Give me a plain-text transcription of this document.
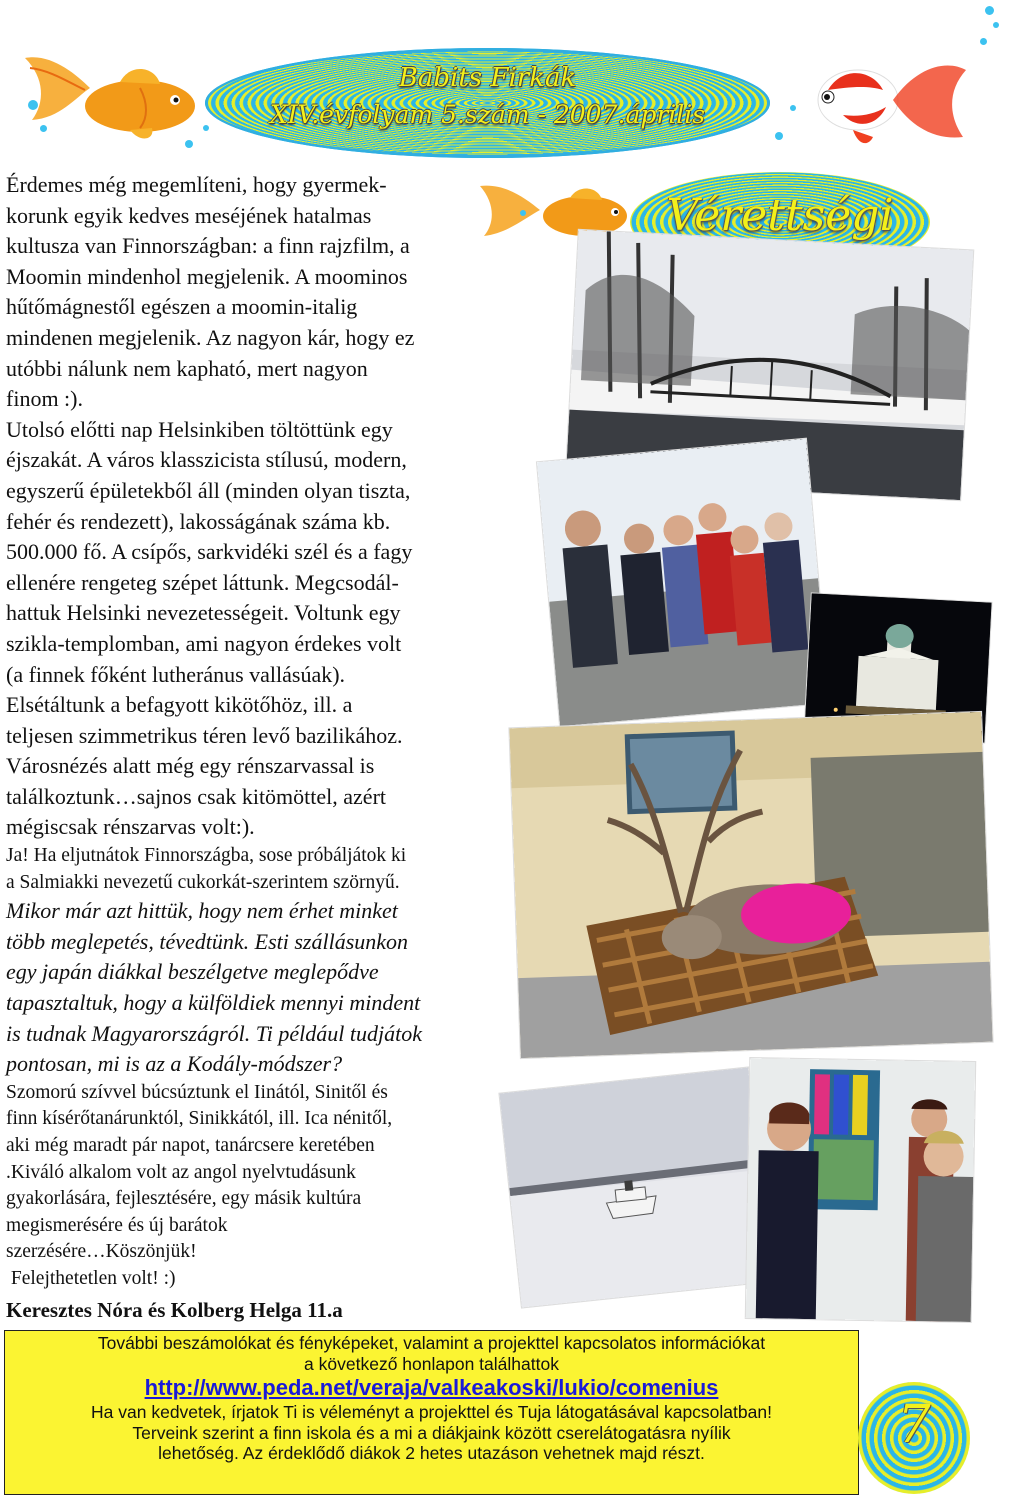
Babits Firkák
XIV.évfolyam 5.szám - 2007.április
Vérettségi

Érdemes még megemlíteni, hogy gyermek-
korunk egyik kedves meséjének hatalmas
kultusza van Finnországban: a finn rajzfilm, a
Moomin mindenhol megjelenik. A moominos
hűtőmágnestől egészen a moomin-italig
mindenen megjelenik. Az nagyon kár, hogy ez
utóbbi nálunk nem kapható, mert nagyon
finom :).

Utolsó előtti nap Helsinkiben töltöttünk egy
éjszakát. A város klasszicista stílusú, modern,
egyszerű épületekből áll (minden olyan tiszta,
fehér és rendezett), lakosságának száma kb.
500.000 fő. A csípős, sarkvidéki szél és a fagy
ellenére rengeteg szépet láttunk. Megcsodál-
hattuk Helsinki nevezetességeit. Voltunk egy
szikla-templomban, ami nagyon érdekes volt
(a finnek főként lutheránus vallásúak).
Elsétáltunk a befagyott kikötőhöz, ill. a
teljesen szimmetrikus téren levő bazilikához.
Városnézés alatt még egy rénszarvassal is
találkoztunk…sajnos csak kitömöttel, azért
mégiscsak rénszarvas volt:).

Ja! Ha eljutnátok Finnországba, sose próbáljátok ki
a Salmiakki nevezetű cukorkát-szerintem szörnyű.

Mikor már azt hittük, hogy nem érhet minket
több meglepetés, tévedtünk. Esti szállásunkon
egy japán diákkal beszélgetve meglepődve
tapasztaltuk, hogy a külföldiek mennyi mindent
is tudnak Magyarországról. Ti például tudjátok
pontosan, mi is az a Kodály-módszer?

Szomorú szívvel búcsúztunk el Iinától, Sinitől és
finn kísérőtanárunktól, Sinikkától, ill. Ica nénitől,
aki még maradt pár napot, tanárcsere keretében
.Kiváló alkalom volt az angol nyelvtudásunk
gyakorlására, fejlesztésére, egy másik kultúra
megismerésére és új barátok
szerzésére…Köszönjük!
Felejthetetlen volt! :)

Keresztes Nóra és Kolberg Helga 11.a
További beszámolókat és fényképeket, valamint a projekttel kapcsolatos információkat
a következő honlapon találhattok
http://www.peda.net/veraja/valkeakoski/lukio/comenius
Ha van kedvetek, írjatok Ti is véleményt a projekttel és Tuja látogatásával kapcsolatban!
Terveink szerint a finn iskola és a mi a diákjaink között cserelátogatásra nyílik
lehetőség. Az érdeklődő diákok 2 hetes utazáson vehetnek majd részt.	7
